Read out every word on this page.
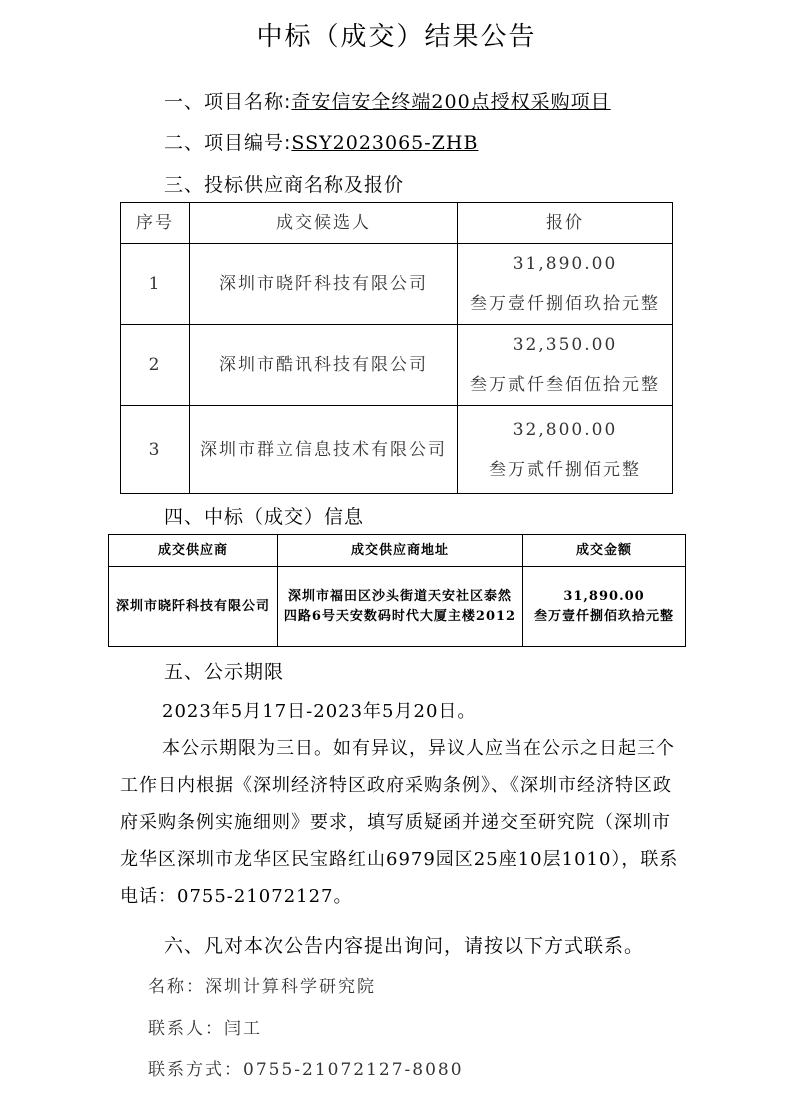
中标（成交）结果公告
一、项目名称:奇安信安全终端200点授权采购项目
二、项目编号:SSY2023065-ZHB
三、投标供应商名称及报价
序号	成交候选人	报价
1	深圳市晓阡科技有限公司	31,890.00
叁万壹仟捌佰玖拾元整

2	深圳市酷讯科技有限公司	32,350.00
叁万贰仟叁佰伍拾元整

3	深圳市群立信息技术有限公司	32,800.00
叁万贰仟捌佰元整
四、中标（成交）信息
成交供应商	成交供应商地址	成交金额
深圳市晓阡科技有限公司	深圳市福田区沙头街道天安社区泰然四路6号天安数码时代大厦主楼2012	31,890.00
叁万壹仟捌佰玖拾元整
五、公示期限
2023年5月17日-2023年5月20日。
本公示期限为三日。如有异议，异议人应当在公示之日起三个工作日内根据《深圳经济特区政府采购条例》、《深圳市经济特区政府采购条例实施细则》要求，填写质疑函并递交至研究院（深圳市龙华区深圳市龙华区民宝路红山6979园区25座10层1010），联系电话：0755-21072127。
六、凡对本次公告内容提出询问，请按以下方式联系。
名称：深圳计算科学研究院
联系人：闫工
联系方式：0755-21072127-8080
